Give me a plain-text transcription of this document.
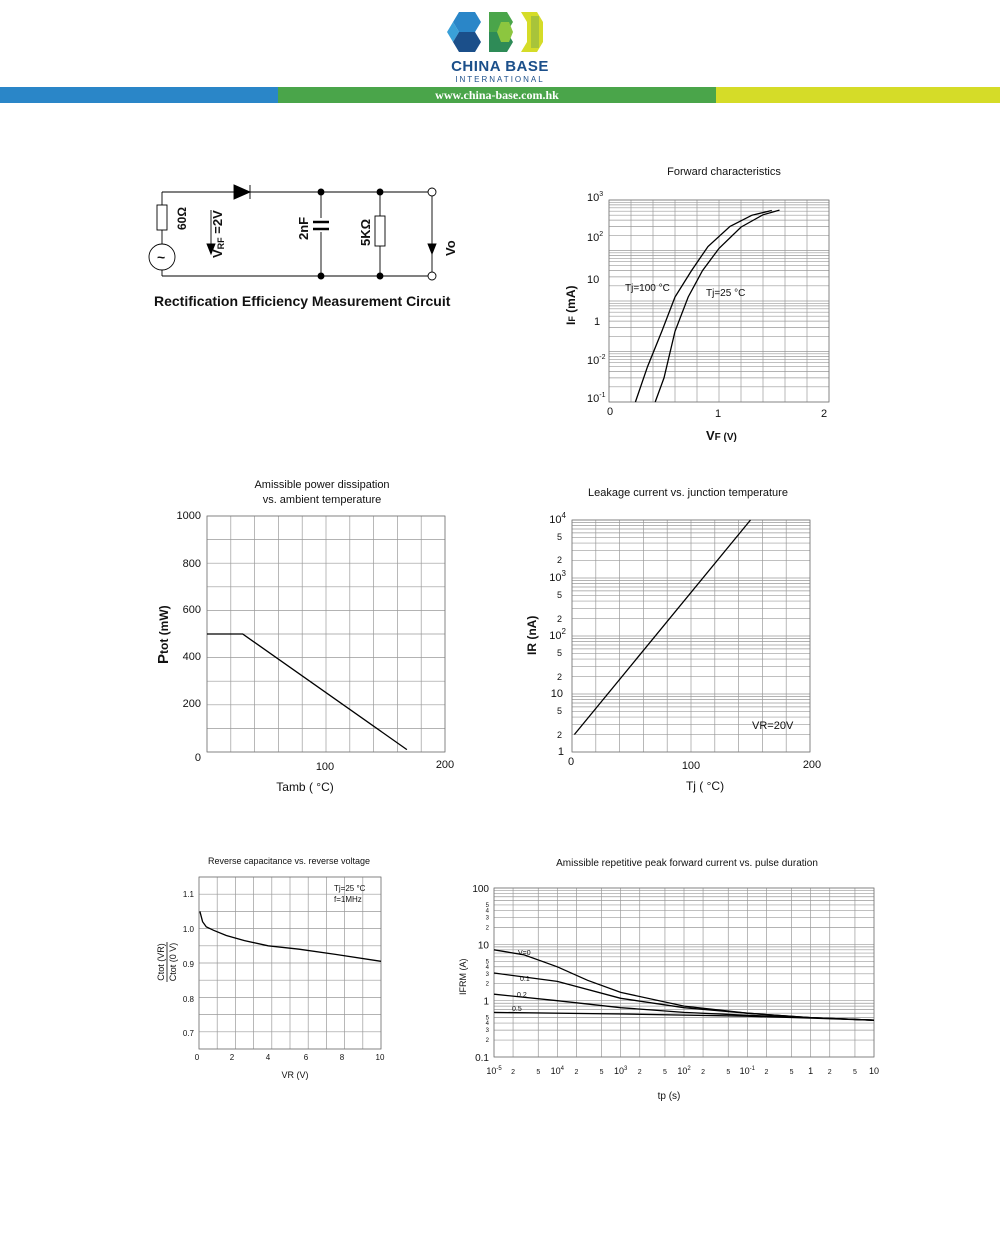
CHINA BASE
INTERNATIONAL
www.china-base.com.hk
60Ω
~	VRF =2V	2nF	5KΩ
Vo
Rectification Efficiency Measurement Circuit
Forward characteristics
$10^3$
$10^2$
10
1
$10^{-2}$
$10^{-1}$
0	1	2
VF (V)
IF (mA)	Tj=100 °C	Tj=25 °C
Amissible power dissipation
vs. ambient temperature
1000
800
600
400
200
0
100	200
Tamb ( °C)
Ptot (mW)
Leakage current vs. junction temperature
$10^4$
5
2
$10^3$
5
2
$10^2$
5
2
10
5
2
1
0	100	200
Tj ( °C)
IR (nA)
VR=20V
Reverse capacitance vs. reverse voltage
1.1
1.0
0.9
0.8
0.7
0	2	4	6	8	10
VR (V)
Ctot (VR) Ctot (0 V)
Tj=25 °C
f=1MHz
Amissible repetitive peak forward current vs. pulse duration
100
5
4
3
2
10
5
4
3
2
1
5
4
3
2
0.1
$10^{-5}$ 2	5 $10^4$ 2	5 $10^3$ 2	5 $10^2$ 2	5 $10^{-1}$ 2	5 1 2	5 10
tp (s)
IFRM (A)
V=0
0.1
0.2
0.5
